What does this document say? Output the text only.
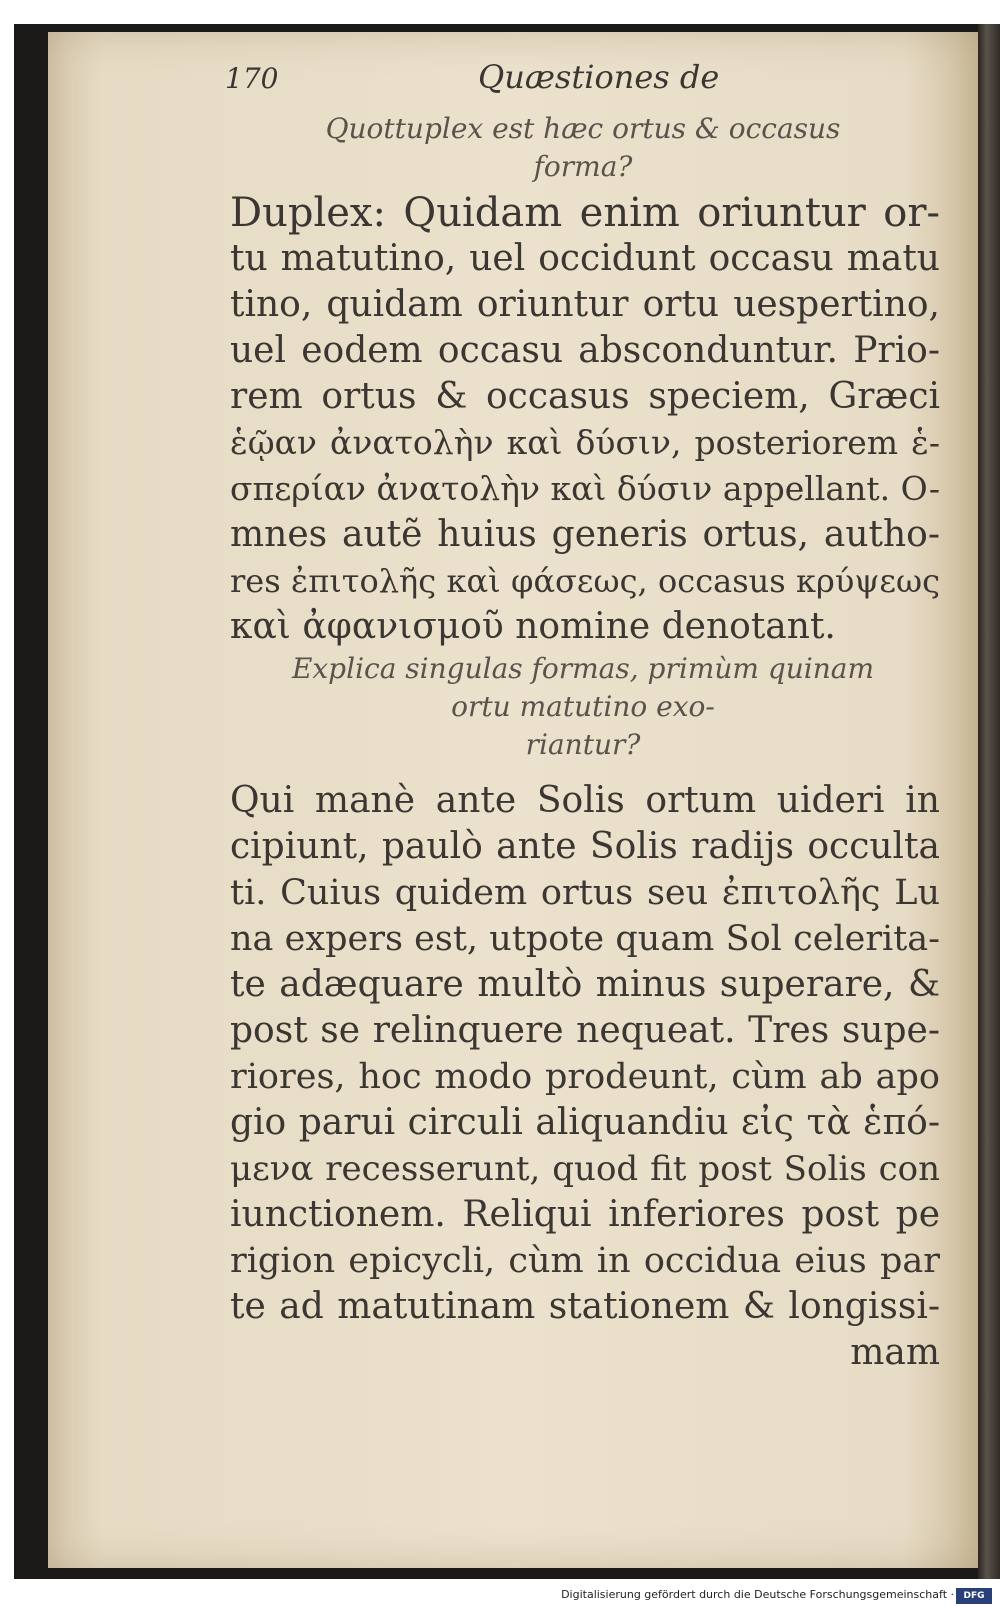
170	Quæstiones de
Quottuplex est hæc ortus & occasus
forma?
Duplex: Quidam enim oriuntur or-
tu matutino, uel occidunt occasu matu
tino, quidam oriuntur ortu uespertino,
uel eodem occasu absconduntur. Prio-
rem ortus & occasus speciem, Græci
ἑῷαν ἀνατολὴν καὶ δύσιν, posteriorem ἑ-
σπερίαν ἀνατολὴν καὶ δύσιν appellant. O-
mnes autẽ huius generis ortus, autho-
res ἐπιτολῆς καὶ φάσεως, occasus κρύψεως
καὶ ἀφανισμοῦ nomine denotant.
Explica singulas formas, primùm quinam
ortu matutino exo-
riantur?
Qui manè ante Solis ortum uideri in
cipiunt, paulò ante Solis radijs occulta
ti. Cuius quidem ortus seu ἐπιτολῆς Lu
na expers est, utpote quam Sol celerita-
te adæquare multò minus superare, &
post se relinquere nequeat. Tres supe-
riores, hoc modo prodeunt, cùm ab apo
gio parui circuli aliquandiu εἰς τὰ ἑπό-
μενα recesserunt, quod fit post Solis con
iunctionem. Reliqui inferiores post pe
rigion epicycli, cùm in occidua eius par
te ad matutinam stationem & longissi-
mam
Digitalisierung gefördert durch die Deutsche Forschungsgemeinschaft ·	DFG
